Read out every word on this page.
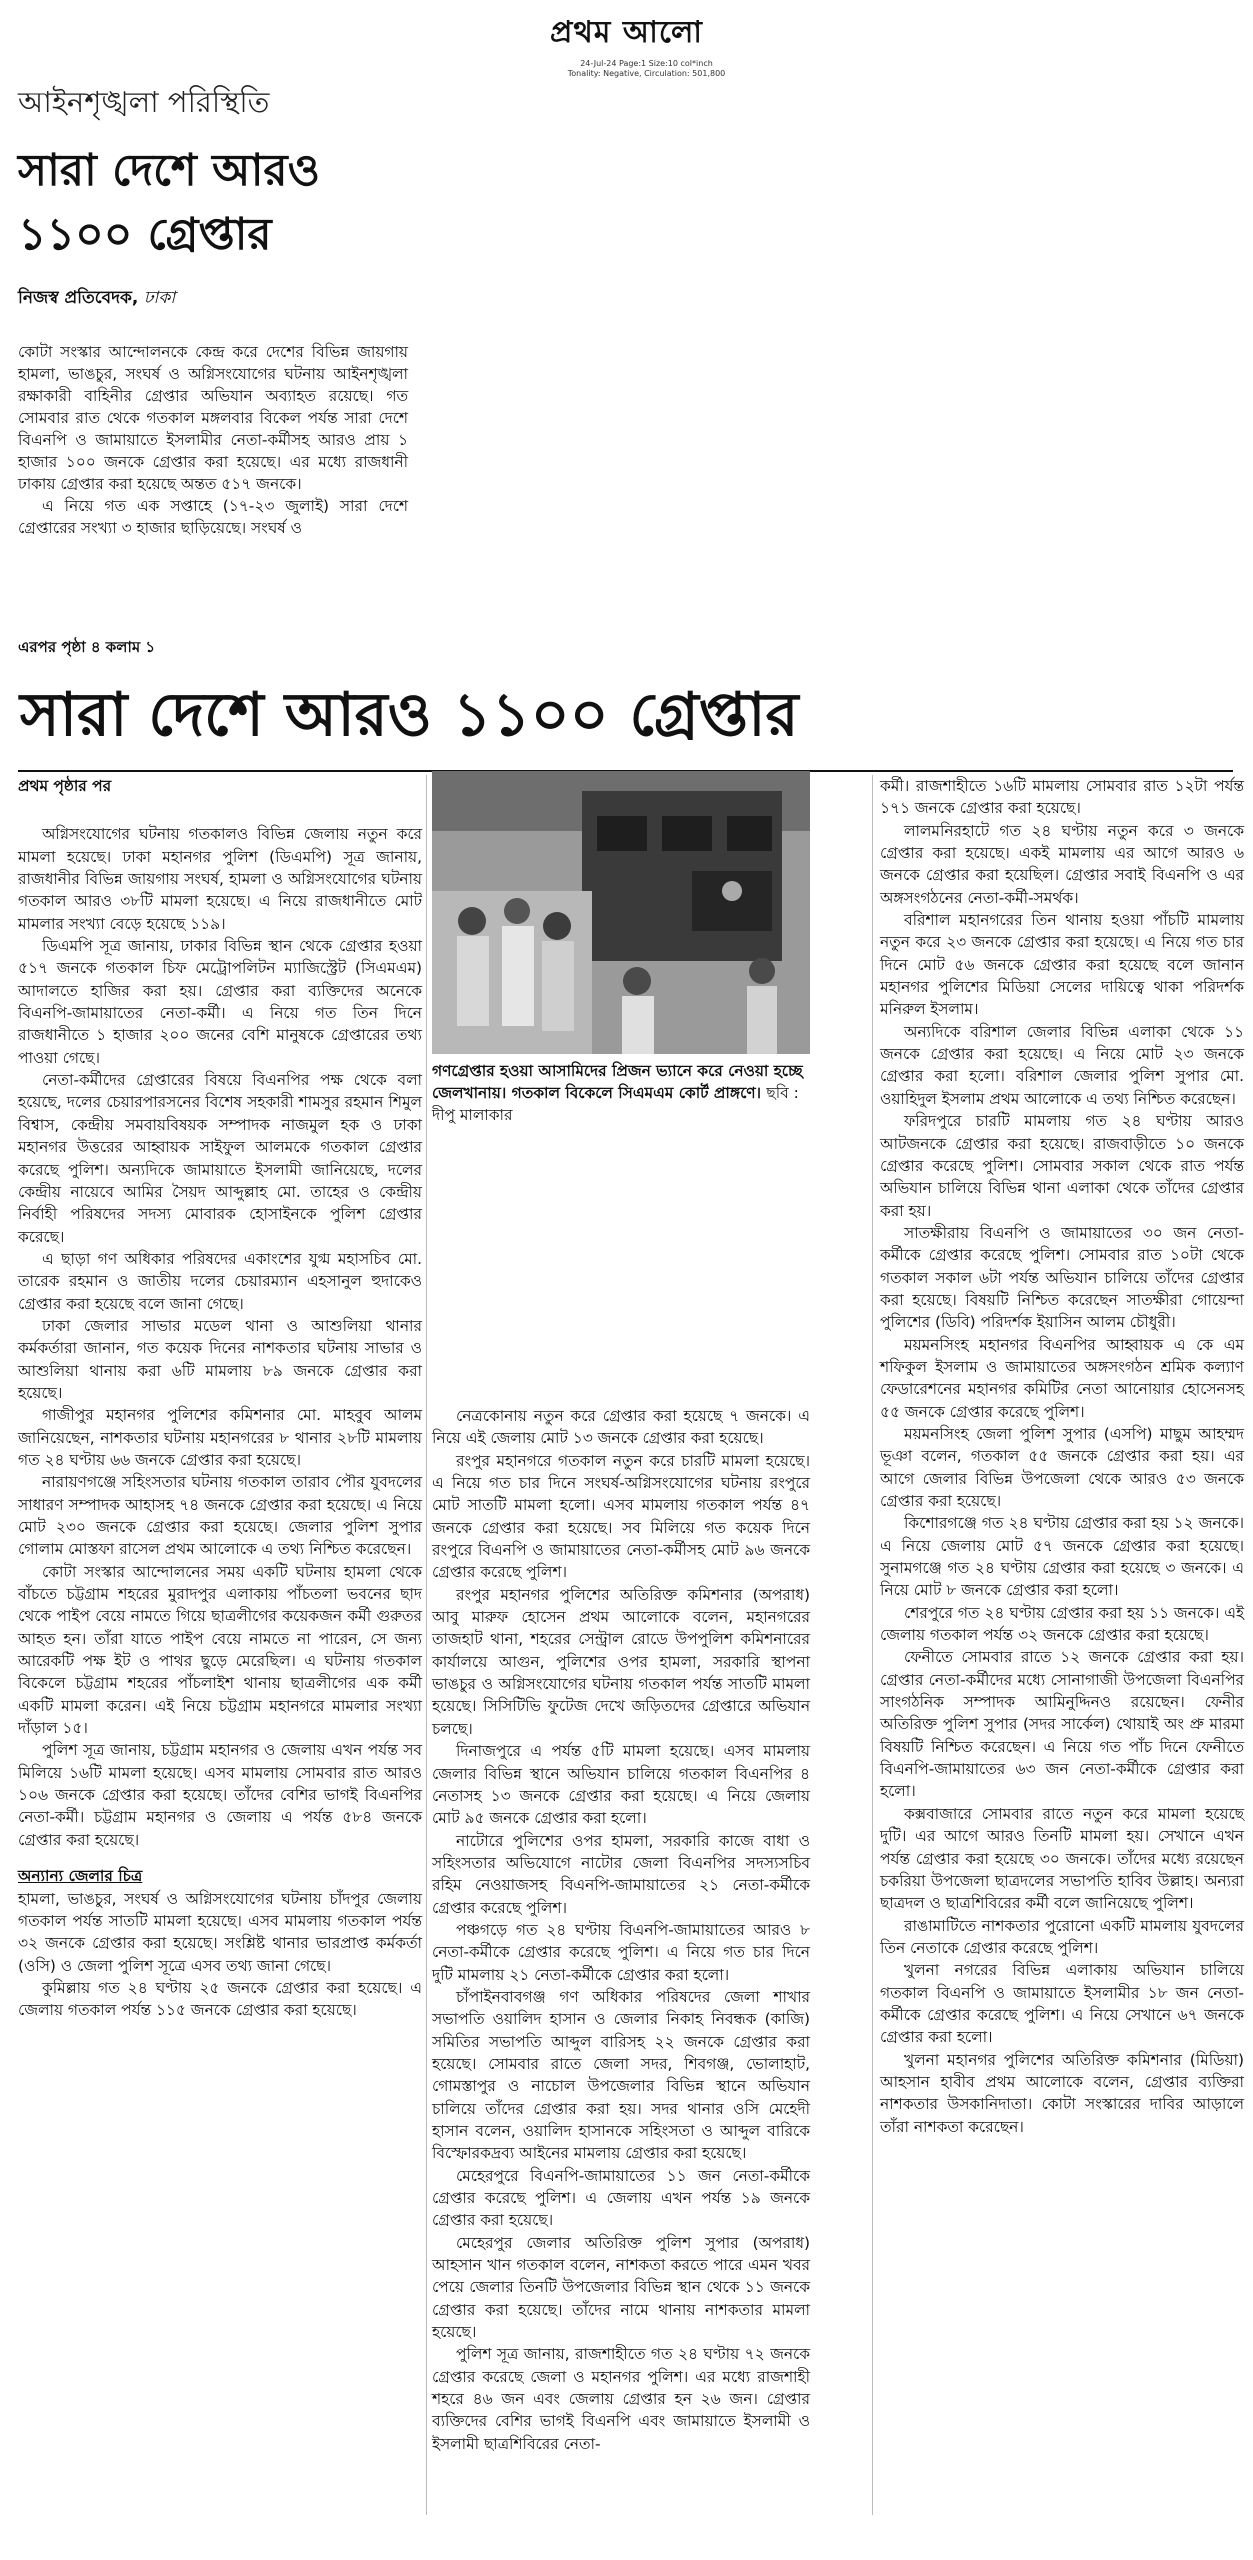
প্রথম আলো
24-Jul-24 Page:1 Size:10 col*inch
Tonality: Negative, Circulation: 501,800
আইনশৃঙ্খলা পরিস্থিতি
সারা দেশে আরও
১১০০ গ্রেপ্তার
নিজস্ব প্রতিবেদক, ঢাকা

কোটা সংস্কার আন্দোলনকে কেন্দ্র করে দেশের বিভিন্ন জায়গায় হামলা, ভাঙচুর, সংঘর্ষ ও অগ্নিসংযোগের ঘটনায় আইনশৃঙ্খলা রক্ষাকারী বাহিনীর গ্রেপ্তার অভিযান অব্যাহত রয়েছে। গত সোমবার রাত থেকে গতকাল মঙ্গলবার বিকেল পর্যন্ত সারা দেশে বিএনপি ও জামায়াতে ইসলামীর নেতা-কর্মীসহ আরও প্রায় ১ হাজার ১০০ জনকে গ্রেপ্তার করা হয়েছে। এর মধ্যে রাজধানী ঢাকায় গ্রেপ্তার করা হয়েছে অন্তত ৫১৭ জনকে।

এ নিয়ে গত এক সপ্তাহে (১৭-২৩ জুলাই) সারা দেশে গ্রেপ্তারের সংখ্যা ৩ হাজার ছাড়িয়েছে। সংঘর্ষ ও

এরপর পৃষ্ঠা ৪ কলাম ১
সারা দেশে আরও ১১০০ গ্রেপ্তার

প্রথম পৃষ্ঠার পর

অগ্নিসংযোগের ঘটনায় গতকালও বিভিন্ন জেলায় নতুন করে মামলা হয়েছে। ঢাকা মহানগর পুলিশ (ডিএমপি) সূত্র জানায়, রাজধানীর বিভিন্ন জায়গায় সংঘর্ষ, হামলা ও অগ্নিসংযোগের ঘটনায় গতকাল আরও ৩৮টি মামলা হয়েছে। এ নিয়ে রাজধানীতে মোট মামলার সংখ্যা বেড়ে হয়েছে ১১৯।

ডিএমপি সূত্র জানায়, ঢাকার বিভিন্ন স্থান থেকে গ্রেপ্তার হওয়া ৫১৭ জনকে গতকাল চিফ মেট্রোপলিটন ম্যাজিস্ট্রেট (সিএমএম) আদালতে হাজির করা হয়। গ্রেপ্তার করা ব্যক্তিদের অনেকে বিএনপি-জামায়াতের নেতা-কর্মী। এ নিয়ে গত তিন দিনে রাজধানীতে ১ হাজার ২০০ জনের বেশি মানুষকে গ্রেপ্তারের তথ্য পাওয়া গেছে।

নেতা-কর্মীদের গ্রেপ্তারের বিষয়ে বিএনপির পক্ষ থেকে বলা হয়েছে, দলের চেয়ারপারসনের বিশেষ সহকারী শামসুর রহমান শিমুল বিশ্বাস, কেন্দ্রীয় সমবায়বিষয়ক সম্পাদক নাজমুল হক ও ঢাকা মহানগর উত্তরের আহ্বায়ক সাইফুল আলমকে গতকাল গ্রেপ্তার করেছে পুলিশ। অন্যদিকে জামায়াতে ইসলামী জানিয়েছে, দলের কেন্দ্রীয় নায়েবে আমির সৈয়দ আব্দুল্লাহ মো. তাহের ও কেন্দ্রীয় নির্বাহী পরিষদের সদস্য মোবারক হোসাইনকে পুলিশ গ্রেপ্তার করেছে।

এ ছাড়া গণ অধিকার পরিষদের একাংশের যুগ্ম মহাসচিব মো. তারেক রহমান ও জাতীয় দলের চেয়ারম্যান এহসানুল হুদাকেও গ্রেপ্তার করা হয়েছে বলে জানা গেছে।

ঢাকা জেলার সাভার মডেল থানা ও আশুলিয়া থানার কর্মকর্তারা জানান, গত কয়েক দিনের নাশকতার ঘটনায় সাভার ও আশুলিয়া থানায় করা ৬টি মামলায় ৮৯ জনকে গ্রেপ্তার করা হয়েছে।

গাজীপুর মহানগর পুলিশের কমিশনার মো. মাহবুব আলম জানিয়েছেন, নাশকতার ঘটনায় মহানগরের ৮ থানার ২৮টি মামলায় গত ২৪ ঘণ্টায় ৬৬ জনকে গ্রেপ্তার করা হয়েছে।

নারায়ণগঞ্জে সহিংসতার ঘটনায় গতকাল তারাব পৌর যুবদলের সাধারণ সম্পাদক আহাসহ ৭৪ জনকে গ্রেপ্তার করা হয়েছে। এ নিয়ে মোট ২৩০ জনকে গ্রেপ্তার করা হয়েছে। জেলার পুলিশ সুপার গোলাম মোস্তফা রাসেল প্রথম আলোকে এ তথ্য নিশ্চিত করেছেন।

কোটা সংস্কার আন্দোলনের সময় একটি ঘটনায় হামলা থেকে বাঁচতে চট্টগ্রাম শহরের মুরাদপুর এলাকায় পাঁচতলা ভবনের ছাদ থেকে পাইপ বেয়ে নামতে গিয়ে ছাত্রলীগের কয়েকজন কর্মী গুরুতর আহত হন। তাঁরা যাতে পাইপ বেয়ে নামতে না পারেন, সে জন্য আরেকটি পক্ষ ইট ও পাথর ছুড়ে মেরেছিল। এ ঘটনায় গতকাল বিকেলে চট্টগ্রাম শহরের পাঁচলাইশ থানায় ছাত্রলীগের এক কর্মী একটি মামলা করেন। এই নিয়ে চট্টগ্রাম মহানগরে মামলার সংখ্যা দাঁড়াল ১৫।

পুলিশ সূত্র জানায়, চট্টগ্রাম মহানগর ও জেলায় এখন পর্যন্ত সব মিলিয়ে ১৬টি মামলা হয়েছে। এসব মামলায় সোমবার রাত আরও ১০৬ জনকে গ্রেপ্তার করা হয়েছে। তাঁদের বেশির ভাগই বিএনপির নেতা-কর্মী। চট্টগ্রাম মহানগর ও জেলায় এ পর্যন্ত ৫৮৪ জনকে গ্রেপ্তার করা হয়েছে।

অন্যান্য জেলার চিত্র

হামলা, ভাঙচুর, সংঘর্ষ ও অগ্নিসংযোগের ঘটনায় চাঁদপুর জেলায় গতকাল পর্যন্ত সাতটি মামলা হয়েছে। এসব মামলায় গতকাল পর্যন্ত ৩২ জনকে গ্রেপ্তার করা হয়েছে। সংশ্লিষ্ট থানার ভারপ্রাপ্ত কর্মকর্তা (ওসি) ও জেলা পুলিশ সূত্রে এসব তথ্য জানা গেছে।

কুমিল্লায় গত ২৪ ঘণ্টায় ২৫ জনকে গ্রেপ্তার করা হয়েছে। এ জেলায় গতকাল পর্যন্ত ১১৫ জনকে গ্রেপ্তার করা হয়েছে।

গণগ্রেপ্তার হওয়া আসামিদের প্রিজন ভ্যানে করে নেওয়া হচ্ছে জেলখানায়। গতকাল বিকেলে সিএমএম কোর্ট প্রাঙ্গণে। ছবি : দীপু মালাকার

নেত্রকোনায় নতুন করে গ্রেপ্তার করা হয়েছে ৭ জনকে। এ নিয়ে এই জেলায় মোট ১৩ জনকে গ্রেপ্তার করা হয়েছে।

রংপুর মহানগরে গতকাল নতুন করে চারটি মামলা হয়েছে। এ নিয়ে গত চার দিনে সংঘর্ষ-অগ্নিসংযোগের ঘটনায় রংপুরে মোট সাতটি মামলা হলো। এসব মামলায় গতকাল পর্যন্ত ৪৭ জনকে গ্রেপ্তার করা হয়েছে। সব মিলিয়ে গত কয়েক দিনে রংপুরে বিএনপি ও জামায়াতের নেতা-কর্মীসহ মোট ৯৬ জনকে গ্রেপ্তার করেছে পুলিশ।

রংপুর মহানগর পুলিশের অতিরিক্ত কমিশনার (অপরাধ) আবু মারুফ হোসেন প্রথম আলোকে বলেন, মহানগরের তাজহাট থানা, শহরের সেন্ট্রাল রোডে উপপুলিশ কমিশনারের কার্যালয়ে আগুন, পুলিশের ওপর হামলা, সরকারি স্থাপনা ভাঙচুর ও অগ্নিসংযোগের ঘটনায় গতকাল পর্যন্ত সাতটি মামলা হয়েছে। সিসিটিভি ফুটেজ দেখে জড়িতদের গ্রেপ্তারে অভিযান চলছে।

দিনাজপুরে এ পর্যন্ত ৫টি মামলা হয়েছে। এসব মামলায় জেলার বিভিন্ন স্থানে অভিযান চালিয়ে গতকাল বিএনপির ৪ নেতাসহ ১৩ জনকে গ্রেপ্তার করা হয়েছে। এ নিয়ে জেলায় মোট ৯৫ জনকে গ্রেপ্তার করা হলো।

নাটোরে পুলিশের ওপর হামলা, সরকারি কাজে বাধা ও সহিংসতার অভিযোগে নাটোর জেলা বিএনপির সদস্যসচিব রহিম নেওয়াজসহ বিএনপি-জামায়াতের ২১ নেতা-কর্মীকে গ্রেপ্তার করেছে পুলিশ।

পঞ্চগড়ে গত ২৪ ঘণ্টায় বিএনপি-জামায়াতের আরও ৮ নেতা-কর্মীকে গ্রেপ্তার করেছে পুলিশ। এ নিয়ে গত চার দিনে দুটি মামলায় ২১ নেতা-কর্মীকে গ্রেপ্তার করা হলো।

চাঁপাইনবাবগঞ্জ গণ অধিকার পরিষদের জেলা শাখার সভাপতি ওয়ালিদ হাসান ও জেলার নিকাহ নিবন্ধক (কাজি) সমিতির সভাপতি আব্দুল বারিসহ ২২ জনকে গ্রেপ্তার করা হয়েছে। সোমবার রাতে জেলা সদর, শিবগঞ্জ, ভোলাহাট, গোমস্তাপুর ও নাচোল উপজেলার বিভিন্ন স্থানে অভিযান চালিয়ে তাঁদের গ্রেপ্তার করা হয়। সদর থানার ওসি মেহেদী হাসান বলেন, ওয়ালিদ হাসানকে সহিংসতা ও আব্দুল বারিকে বিস্ফোরকদ্রব্য আইনের মামলায় গ্রেপ্তার করা হয়েছে।

মেহেরপুরে বিএনপি-জামায়াতের ১১ জন নেতা-কর্মীকে গ্রেপ্তার করেছে পুলিশ। এ জেলায় এখন পর্যন্ত ১৯ জনকে গ্রেপ্তার করা হয়েছে।

মেহেরপুর জেলার অতিরিক্ত পুলিশ সুপার (অপরাধ) আহসান খান গতকাল বলেন, নাশকতা করতে পারে এমন খবর পেয়ে জেলার তিনটি উপজেলার বিভিন্ন স্থান থেকে ১১ জনকে গ্রেপ্তার করা হয়েছে। তাঁদের নামে থানায় নাশকতার মামলা হয়েছে।

পুলিশ সূত্র জানায়, রাজশাহীতে গত ২৪ ঘণ্টায় ৭২ জনকে গ্রেপ্তার করেছে জেলা ও মহানগর পুলিশ। এর মধ্যে রাজশাহী শহরে ৪৬ জন এবং জেলায় গ্রেপ্তার হন ২৬ জন। গ্রেপ্তার ব্যক্তিদের বেশির ভাগই বিএনপি এবং জামায়াতে ইসলামী ও ইসলামী ছাত্রশিবিরের নেতা-

কর্মী। রাজশাহীতে ১৬টি মামলায় সোমবার রাত ১২টা পর্যন্ত ১৭১ জনকে গ্রেপ্তার করা হয়েছে।

লালমনিরহাটে গত ২৪ ঘণ্টায় নতুন করে ৩ জনকে গ্রেপ্তার করা হয়েছে। একই মামলায় এর আগে আরও ৬ জনকে গ্রেপ্তার করা হয়েছিল। গ্রেপ্তার সবাই বিএনপি ও এর অঙ্গসংগঠনের নেতা-কর্মী-সমর্থক।

বরিশাল মহানগরের তিন থানায় হওয়া পাঁচটি মামলায় নতুন করে ২৩ জনকে গ্রেপ্তার করা হয়েছে। এ নিয়ে গত চার দিনে মোট ৫৬ জনকে গ্রেপ্তার করা হয়েছে বলে জানান মহানগর পুলিশের মিডিয়া সেলের দায়িত্বে থাকা পরিদর্শক মনিরুল ইসলাম।

অন্যদিকে বরিশাল জেলার বিভিন্ন এলাকা থেকে ১১ জনকে গ্রেপ্তার করা হয়েছে। এ নিয়ে মোট ২৩ জনকে গ্রেপ্তার করা হলো। বরিশাল জেলার পুলিশ সুপার মো. ওয়াহিদুল ইসলাম প্রথম আলোকে এ তথ্য নিশ্চিত করেছেন।

ফরিদপুরে চারটি মামলায় গত ২৪ ঘণ্টায় আরও আটজনকে গ্রেপ্তার করা হয়েছে। রাজবাড়ীতে ১০ জনকে গ্রেপ্তার করেছে পুলিশ। সোমবার সকাল থেকে রাত পর্যন্ত অভিযান চালিয়ে বিভিন্ন থানা এলাকা থেকে তাঁদের গ্রেপ্তার করা হয়।

সাতক্ষীরায় বিএনপি ও জামায়াতের ৩০ জন নেতা-কর্মীকে গ্রেপ্তার করেছে পুলিশ। সোমবার রাত ১০টা থেকে গতকাল সকাল ৬টা পর্যন্ত অভিযান চালিয়ে তাঁদের গ্রেপ্তার করা হয়েছে। বিষয়টি নিশ্চিত করেছেন সাতক্ষীরা গোয়েন্দা পুলিশের (ডিবি) পরিদর্শক ইয়াসিন আলম চৌধুরী।

ময়মনসিংহ মহানগর বিএনপির আহ্বায়ক এ কে এম শফিকুল ইসলাম ও জামায়াতের অঙ্গসংগঠন শ্রমিক কল্যাণ ফেডারেশনের মহানগর কমিটির নেতা আনোয়ার হোসেনসহ ৫৫ জনকে গ্রেপ্তার করেছে পুলিশ।

ময়মনসিংহ জেলা পুলিশ সুপার (এসপি) মাছুম আহম্মদ ভূঞা বলেন, গতকাল ৫৫ জনকে গ্রেপ্তার করা হয়। এর আগে জেলার বিভিন্ন উপজেলা থেকে আরও ৫৩ জনকে গ্রেপ্তার করা হয়েছে।

কিশোরগঞ্জে গত ২৪ ঘণ্টায় গ্রেপ্তার করা হয় ১২ জনকে। এ নিয়ে জেলায় মোট ৫৭ জনকে গ্রেপ্তার করা হয়েছে। সুনামগঞ্জে গত ২৪ ঘণ্টায় গ্রেপ্তার করা হয়েছে ৩ জনকে। এ নিয়ে মোট ৮ জনকে গ্রেপ্তার করা হলো।

শেরপুরে গত ২৪ ঘণ্টায় গ্রেপ্তার করা হয় ১১ জনকে। এই জেলায় গতকাল পর্যন্ত ৩২ জনকে গ্রেপ্তার করা হয়েছে।

ফেনীতে সোমবার রাতে ১২ জনকে গ্রেপ্তার করা হয়। গ্রেপ্তার নেতা-কর্মীদের মধ্যে সোনাগাজী উপজেলা বিএনপির সাংগঠনিক সম্পাদক আমিনুদ্দিনও রয়েছেন। ফেনীর অতিরিক্ত পুলিশ সুপার (সদর সার্কেল) থোয়াই অং প্রু মারমা বিষয়টি নিশ্চিত করেছেন। এ নিয়ে গত পাঁচ দিনে ফেনীতে বিএনপি-জামায়াতের ৬৩ জন নেতা-কর্মীকে গ্রেপ্তার করা হলো।

কক্সবাজারে সোমবার রাতে নতুন করে মামলা হয়েছে দুটি। এর আগে আরও তিনটি মামলা হয়। সেখানে এখন পর্যন্ত গ্রেপ্তার করা হয়েছে ৩০ জনকে। তাঁদের মধ্যে রয়েছেন চকরিয়া উপজেলা ছাত্রদলের সভাপতি হাবিব উল্লাহ। অন্যরা ছাত্রদল ও ছাত্রশিবিরের কর্মী বলে জানিয়েছে পুলিশ।

রাঙামাটিতে নাশকতার পুরোনো একটি মামলায় যুবদলের তিন নেতাকে গ্রেপ্তার করেছে পুলিশ।

খুলনা নগরের বিভিন্ন এলাকায় অভিযান চালিয়ে গতকাল বিএনপি ও জামায়াতে ইসলামীর ১৮ জন নেতা-কর্মীকে গ্রেপ্তার করেছে পুলিশ। এ নিয়ে সেখানে ৬৭ জনকে গ্রেপ্তার করা হলো।

খুলনা মহানগর পুলিশের অতিরিক্ত কমিশনার (মিডিয়া) আহসান হাবীব প্রথম আলোকে বলেন, গ্রেপ্তার ব্যক্তিরা নাশকতার উসকানিদাতা। কোটা সংস্কারের দাবির আড়ালে তাঁরা নাশকতা করেছেন।
